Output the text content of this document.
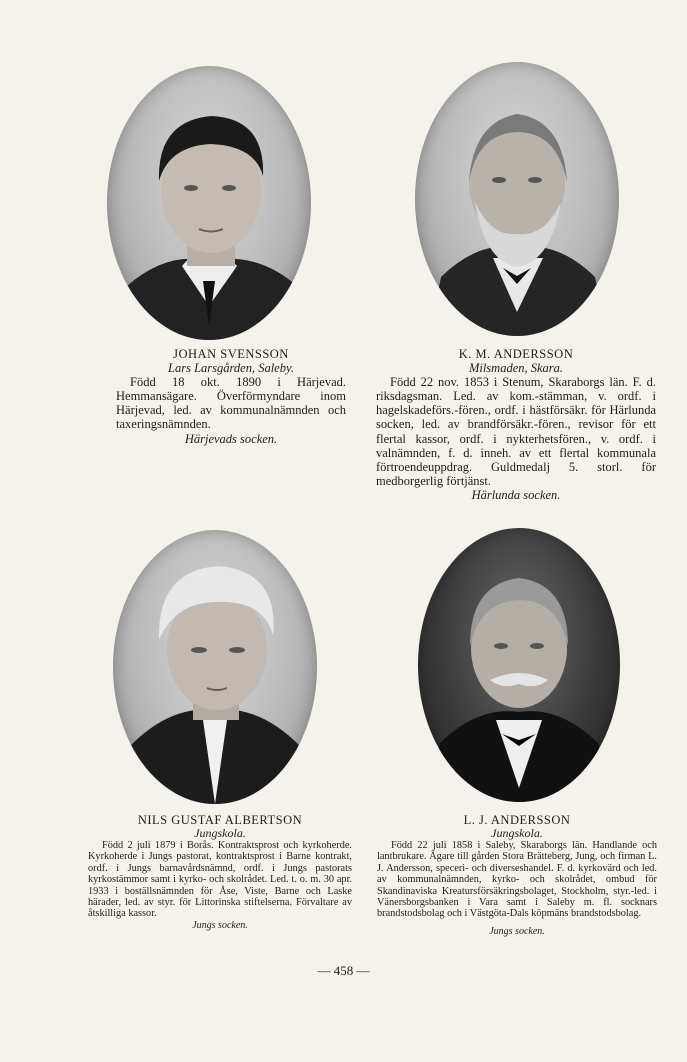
JOHAN SVENSSON
Lars Larsgården, Saleby.
Född 18 okt. 1890 i Härjevad. Hemmansägare. Överförmyndare inom Härjevad, led. av kommunalnämnden och taxeringsnämnden.
Härjevads socken.
K. M. ANDERSSON
Milsmaden, Skara.
Född 22 nov. 1853 i Stenum, Skaraborgs län. F. d. riksdagsman. Led. av kom.-stämman, v. ordf. i hagelskadeförs.-fören., ordf. i hästförsäkr. för Härlunda socken, led. av brandförsäkr.-fören., revisor för ett flertal kassor, ordf. i nykterhetsfören., v. ordf. i valnämnden, f. d. inneh. av ett flertal kommunala förtroendeuppdrag. Guldmedalj 5. storl. för medborgerlig förtjänst.
Härlunda socken.
NILS GUSTAF ALBERTSON
Jungskola.
Född 2 juli 1879 i Borås. Kontraktsprost och kyrkoherde. Kyrkoherde i Jungs pastorat, kontraktsprost i Barne kontrakt, ordf. i Jungs barnavårdsnämnd, ordf. i Jungs pastorats kyrkostämmor samt i kyrko- och skolrådet. Led. t. o. m. 30 apr. 1933 i boställsnämnden för Åse, Viste, Barne och Laske härader, led. av styr. för Littorinska stiftelserna. Förvaltare av åtskilliga kassor.
Jungs socken.
L. J. ANDERSSON
Jungskola.
Född 22 juli 1858 i Saleby, Skaraborgs län. Handlande och lantbrukare. Ägare till gården Stora Brätteberg, Jung, och firman L. J. Andersson, speceri- och diverseshandel. F. d. kyrkovärd och led. av kommunalnämnden, kyrko- och skolrådet, ombud för Skandinaviska Kreatursförsäkringsbolaget, Stockholm, styr.-led. i Vänersborgsbanken i Vara samt i Saleby m. fl. socknars brandstodsbolag och i Västgöta-Dals köpmäns brandstodsbolag.
Jungs socken.
— 458 —
